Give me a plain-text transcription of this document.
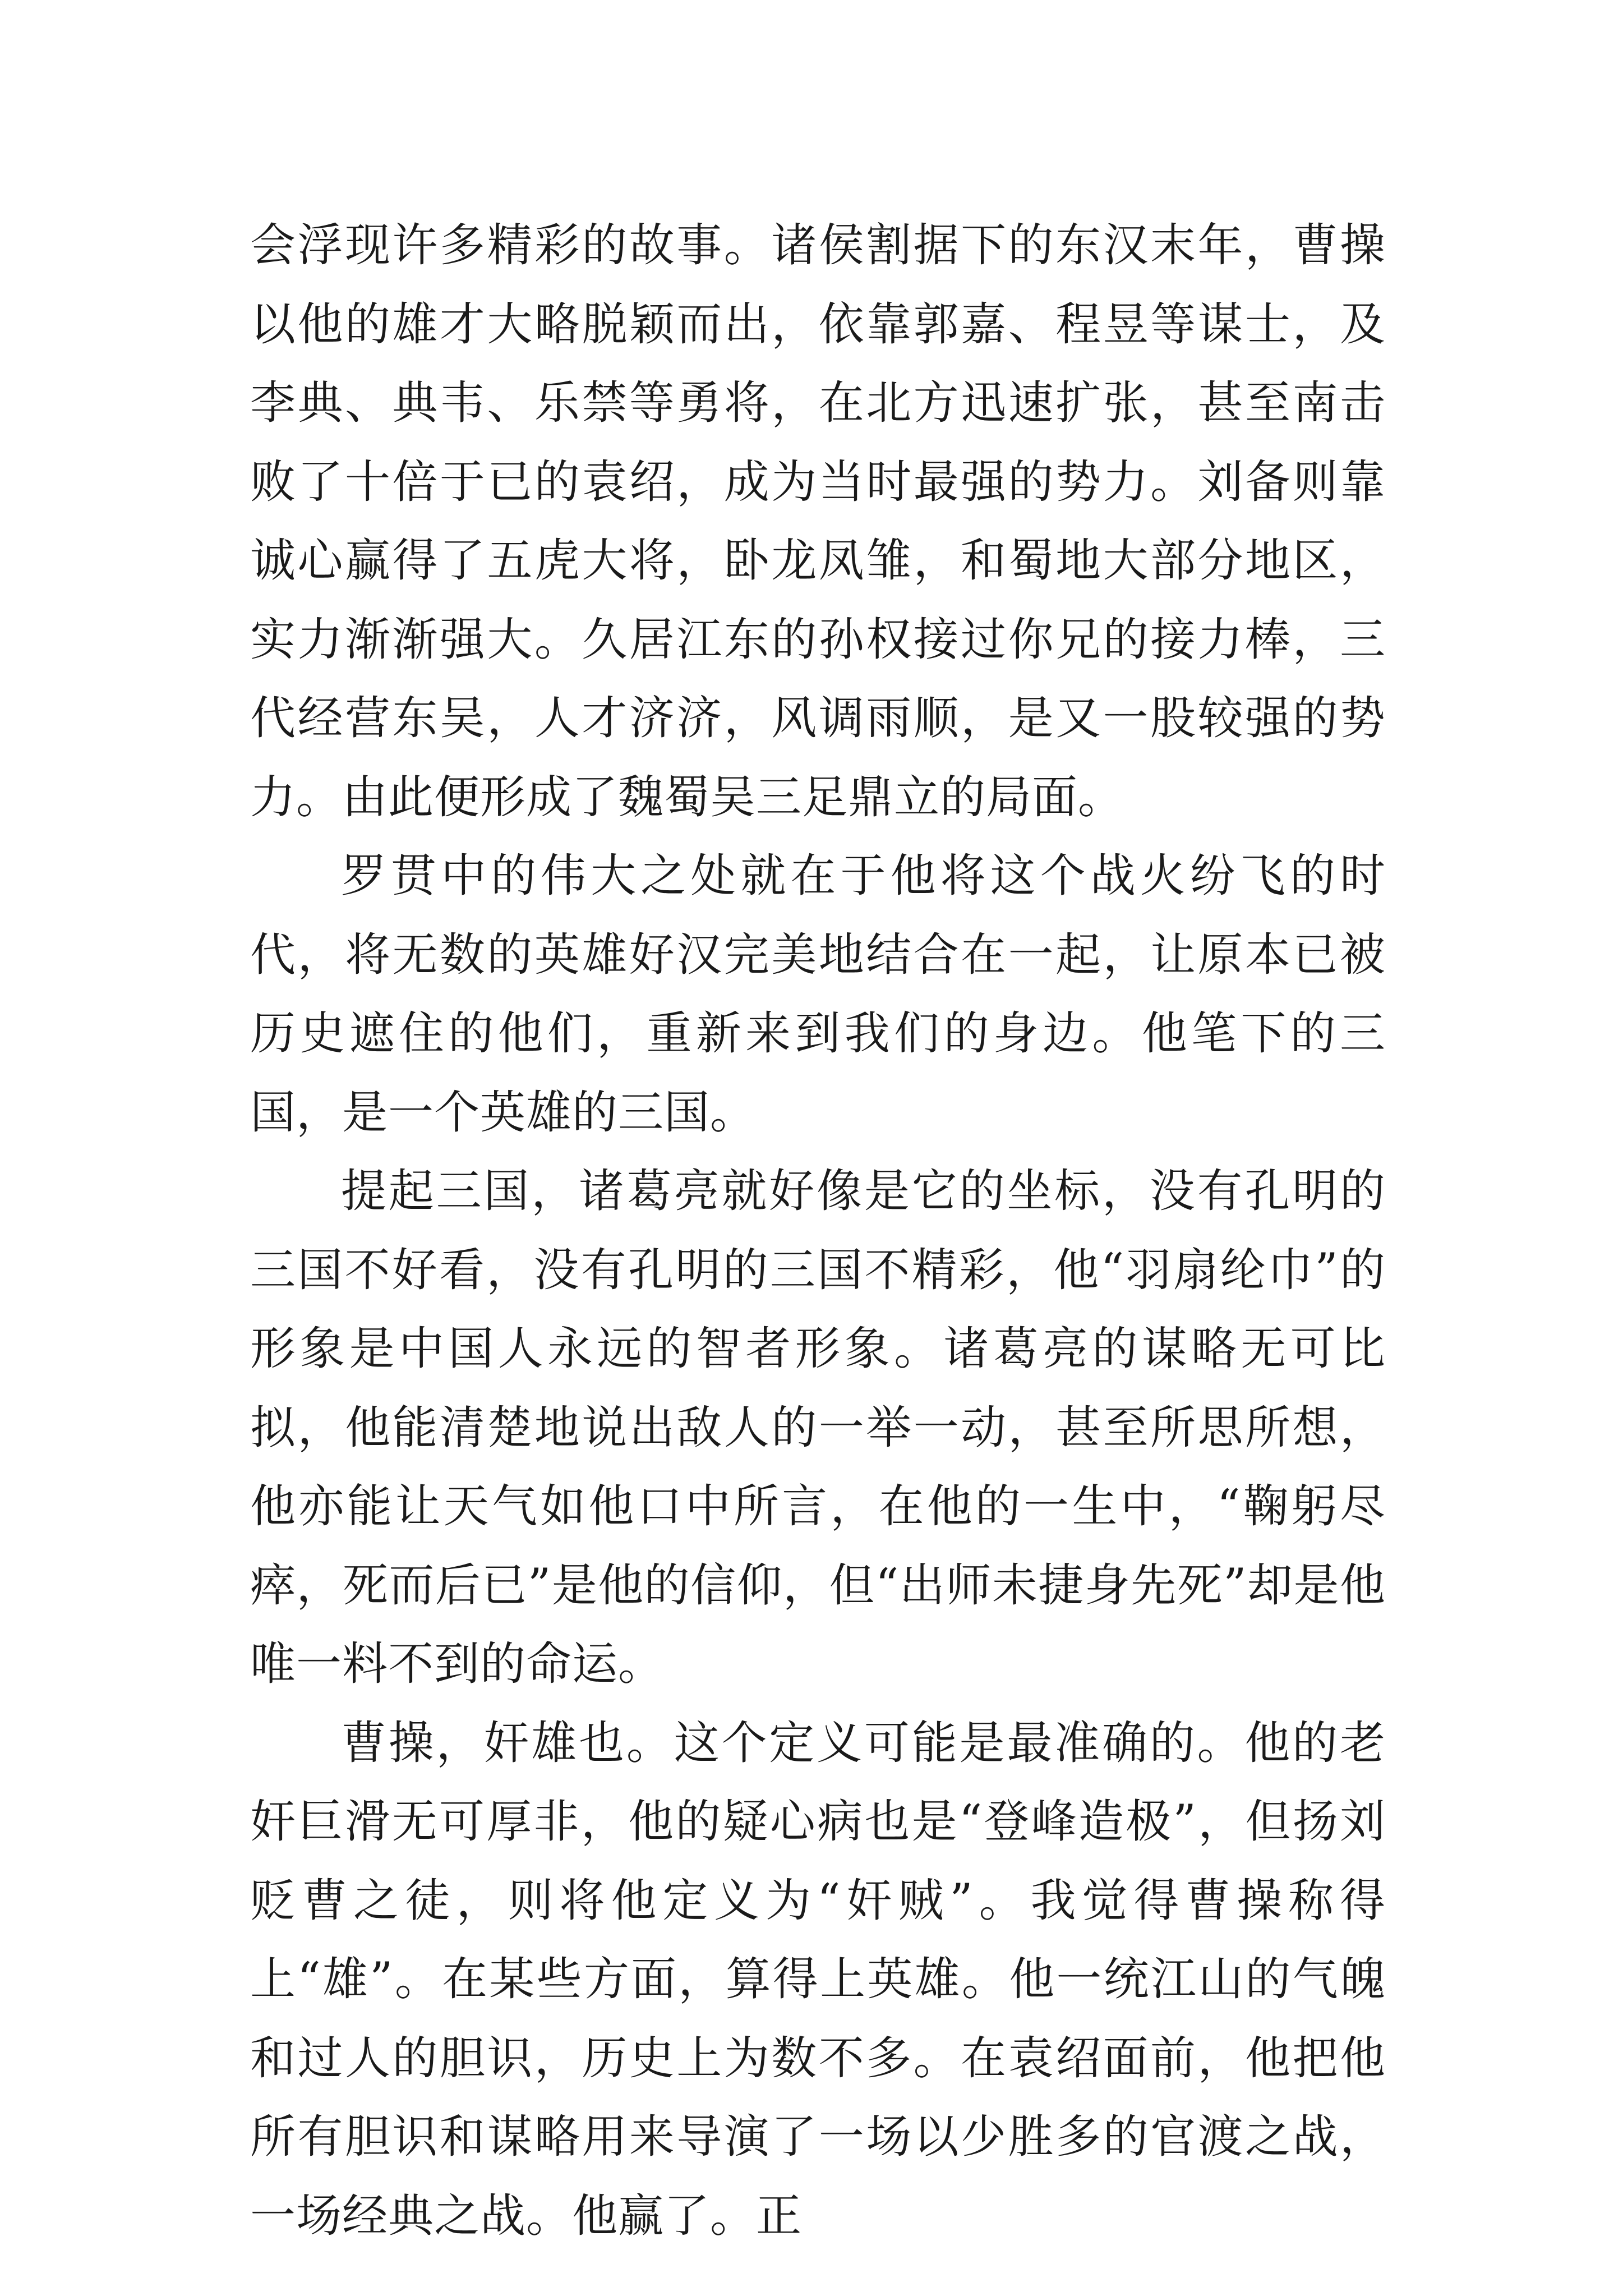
会浮现许多精彩的故事。诸侯割据下的东汉末年，曹操以他的雄才大略脱颖而出，依靠郭嘉、程昱等谋士，及李典、典韦、乐禁等勇将，在北方迅速扩张，甚至南击败了十倍于已的袁绍，成为当时最强的势力。刘备则靠诚心赢得了五虎大将，卧龙凤雏，和蜀地大部分地区，实力渐渐强大。久居江东的孙权接过你兄的接力棒，三代经营东吴，人才济济，风调雨顺，是又一股较强的势力。由此便形成了魏蜀吴三足鼎立的局面。

罗贯中的伟大之处就在于他将这个战火纷飞的时代，将无数的英雄好汉完美地结合在一起，让原本已被历史遮住的他们，重新来到我们的身边。他笔下的三国，是一个英雄的三国。

提起三国，诸葛亮就好像是它的坐标，没有孔明的三国不好看，没有孔明的三国不精彩，他“羽扇纶巾”的形象是中国人永远的智者形象。诸葛亮的谋略无可比拟，他能清楚地说出敌人的一举一动，甚至所思所想，他亦能让天气如他口中所言，在他的一生中，“鞠躬尽瘁，死而后已”是他的信仰，但“出师未捷身先死”却是他唯一料不到的命运。

曹操，奸雄也。这个定义可能是最准确的。他的老奸巨滑无可厚非，他的疑心病也是“登峰造极”，但扬刘贬曹之徒，则将他定义为“奸贼”。我觉得曹操称得上“雄”。在某些方面，算得上英雄。他一统江山的气魄和过人的胆识，历史上为数不多。在袁绍面前，他把他所有胆识和谋略用来导演了一场以少胜多的官渡之战，一场经典之战。他赢了。正
